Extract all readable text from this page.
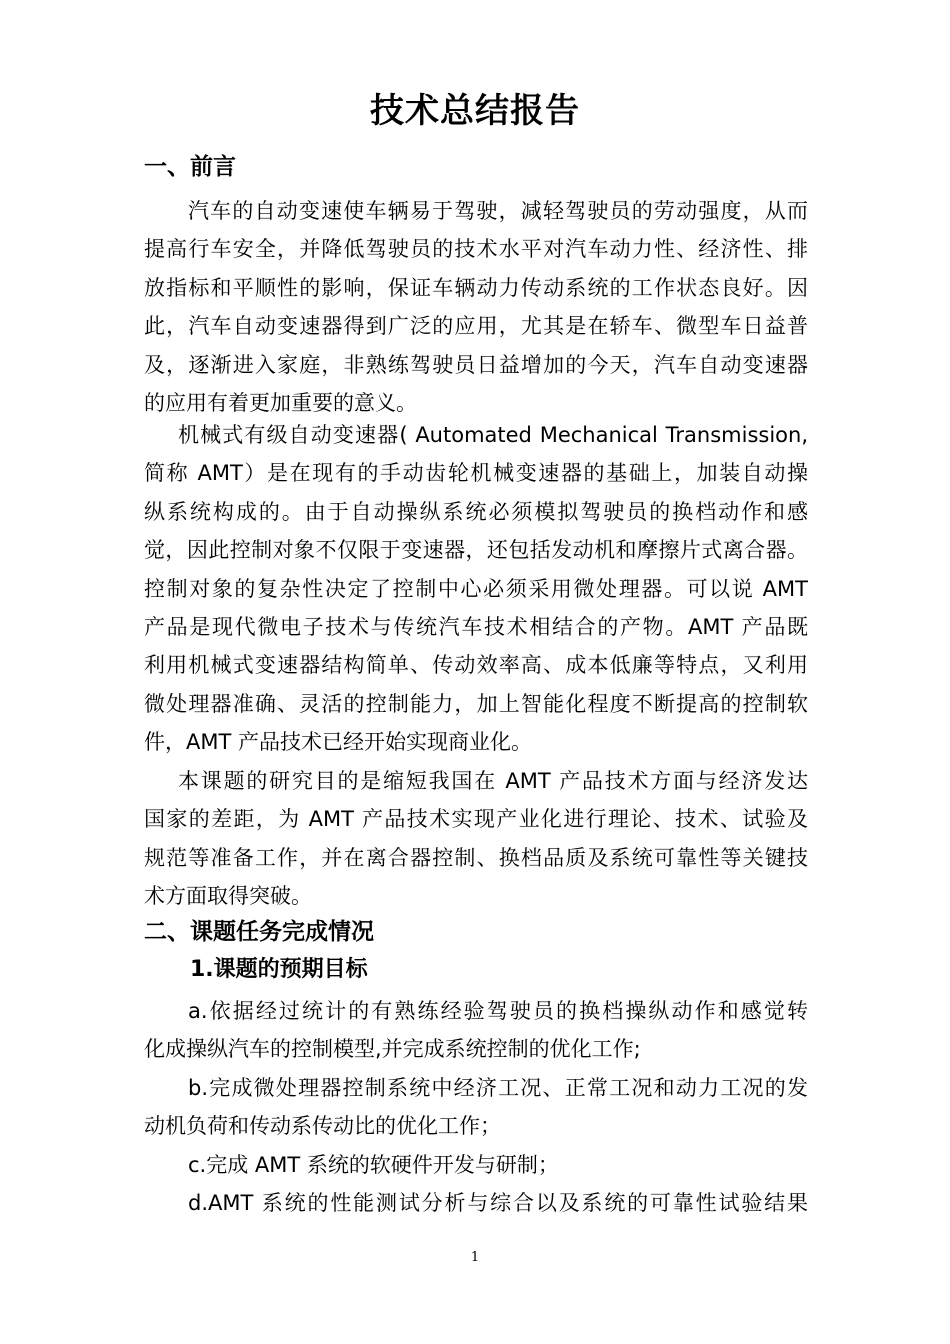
技术总结报告
一、前言
汽车的自动变速使车辆易于驾驶，减轻驾驶员的劳动强度，从而
提高行车安全，并降低驾驶员的技术水平对汽车动力性、经济性、排
放指标和平顺性的影响，保证车辆动力传动系统的工作状态良好。因
此，汽车自动变速器得到广泛的应用，尤其是在轿车、微型车日益普
及，逐渐进入家庭，非熟练驾驶员日益增加的今天，汽车自动变速器
的应用有着更加重要的意义。
机械式有级自动变速器( Automated Mechanical Transmission,
简称 AMT）是在现有的手动齿轮机械变速器的基础上，加装自动操
纵系统构成的。由于自动操纵系统必须模拟驾驶员的换档动作和感
觉，因此控制对象不仅限于变速器，还包括发动机和摩擦片式离合器。
控制对象的复杂性决定了控制中心必须采用微处理器。可以说 AMT
产品是现代微电子技术与传统汽车技术相结合的产物。AMT 产品既
利用机械式变速器结构简单、传动效率高、成本低廉等特点，又利用
微处理器准确、灵活的控制能力，加上智能化程度不断提高的控制软
件，AMT 产品技术已经开始实现商业化。
本课题的研究目的是缩短我国在 AMT 产品技术方面与经济发达
国家的差距，为 AMT 产品技术实现产业化进行理论、技术、试验及
规范等准备工作，并在离合器控制、换档品质及系统可靠性等关键技
术方面取得突破。
二、课题任务完成情况
1.课题的预期目标
a.依据经过统计的有熟练经验驾驶员的换档操纵动作和感觉转
化成操纵汽车的控制模型,并完成系统控制的优化工作;
b.完成微处理器控制系统中经济工况、正常工况和动力工况的发
动机负荷和传动系传动比的优化工作；
c.完成 AMT 系统的软硬件开发与研制；
d.AMT 系统的性能测试分析与综合以及系统的可靠性试验结果
1
